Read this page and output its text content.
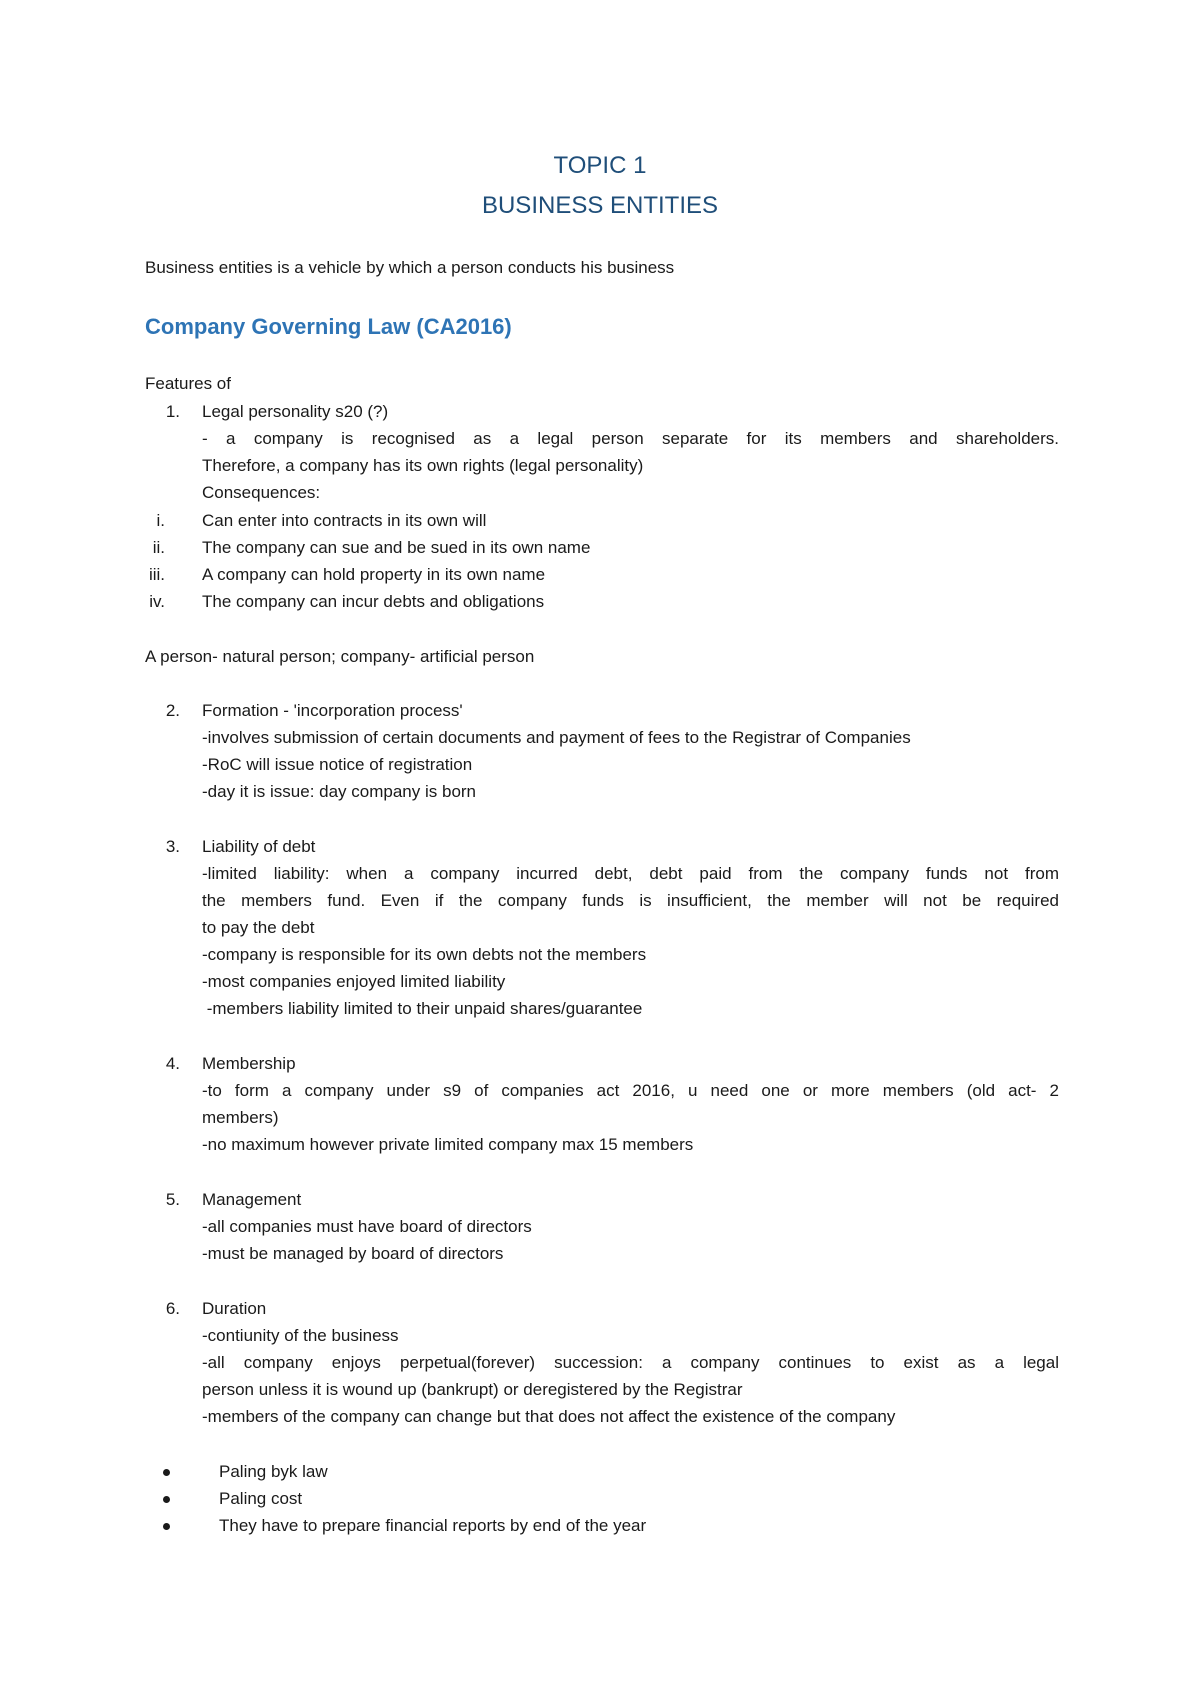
TOPIC 1
BUSINESS ENTITIES

Business entities is a vehicle by which a person conducts his business

Company Governing Law (CA2016)

Features of

1. Legal personality s20 (?)

- a company is recognised as a legal person separate for its members and shareholders.

Therefore, a company has its own rights (legal personality)

Consequences:

i. Can enter into contracts in its own will

ii. The company can sue and be sued in its own name

iii. A company can hold property in its own name

iv. The company can incur debts and obligations

A person- natural person; company- artificial person

2. Formation - 'incorporation process'

-involves submission of certain documents and payment of fees to the Registrar of Companies

-RoC will issue notice of registration

-day it is issue: day company is born

3. Liability of debt

-limited liability: when a company incurred debt, debt paid from the company funds not from

the members fund. Even if the company funds is insufficient, the member will not be required

to pay the debt

-company is responsible for its own debts not the members

-most companies enjoyed limited liability

-members liability limited to their unpaid shares/guarantee

4. Membership

-to form a company under s9 of companies act 2016, u need one or more members (old act- 2

members)

-no maximum however private limited company max 15 members

5. Management

-all companies must have board of directors

-must be managed by board of directors

6. Duration

-contiunity of the business

-all company enjoys perpetual(forever) succession: a company continues to exist as a legal

person unless it is wound up (bankrupt) or deregistered by the Registrar

-members of the company can change but that does not affect the existence of the company

Paling byk law

Paling cost

They have to prepare financial reports by end of the year
